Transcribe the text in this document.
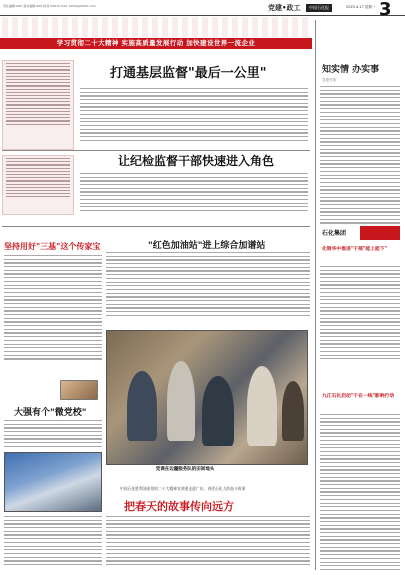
责任编辑:XXX 美术编辑:XXX 校对:XXX E-mail: XXXX@XXXX.com	党建•政工	中国石化报	2023.4.17 星期一 3
学习贯彻二十大精神 实施高质量发展行动 加快建设世界一流企业
打通基层监督"最后一公里"
让纪检监督干部快速进入角色
坚持用好"三基"这个传家宝	"红色加油站"进上综合加谱站
党课在边疆服务队的田间地头
大强有个"微党校"
中国石化胜利油田培训二十大精神宣讲团走进广东，讲述石化人的奋斗故事
把春天的故事传向远方
知实情 办实事
党建引领
石化集团
化销华中推进"干部"能上能下"
九江石化启动"干在一线"影响行动
